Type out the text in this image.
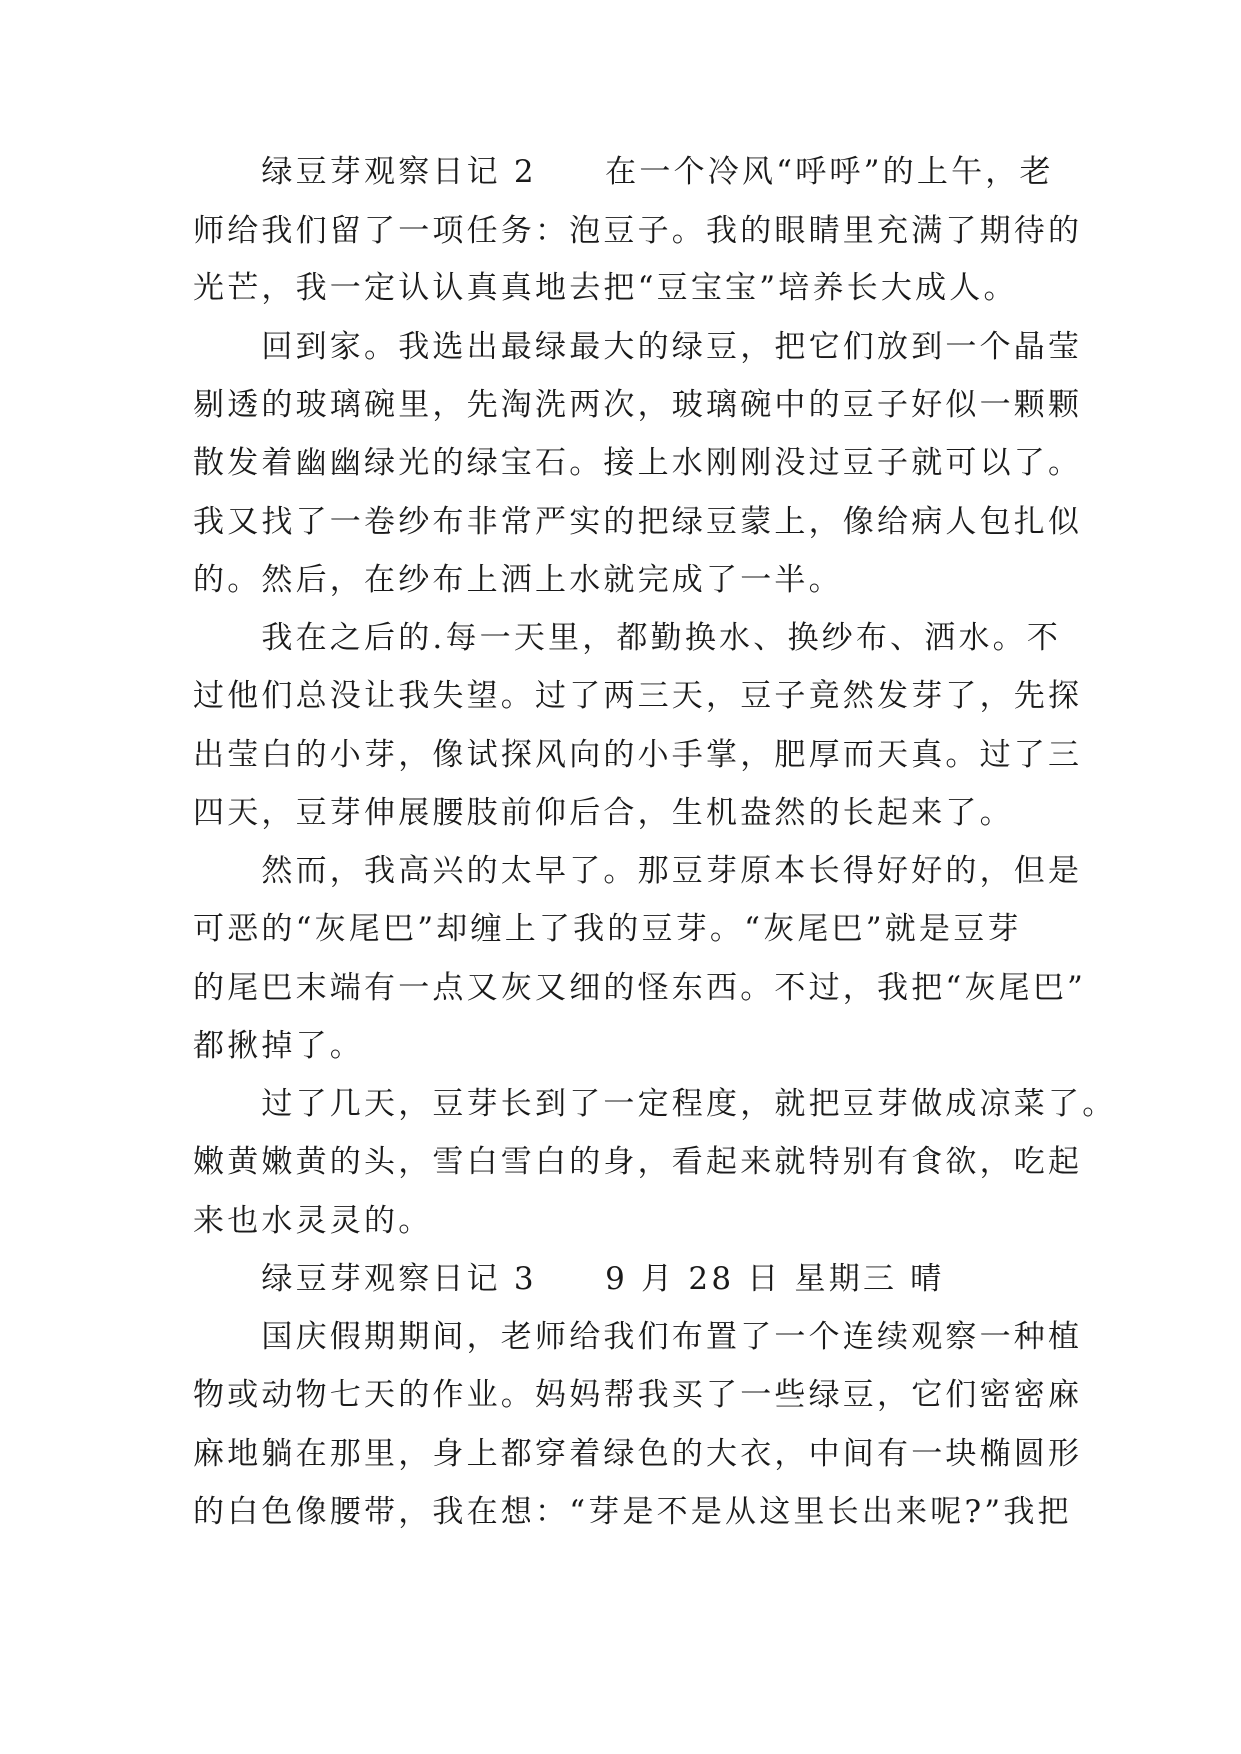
　　绿豆芽观察日记 2　　在一个冷风“呼呼”的上午，老
师给我们留了一项任务：泡豆子。我的眼睛里充满了期待的
光芒，我一定认认真真地去把“豆宝宝”培养长大成人。
　　回到家。我选出最绿最大的绿豆，把它们放到一个晶莹
剔透的玻璃碗里，先淘洗两次，玻璃碗中的豆子好似一颗颗
散发着幽幽绿光的绿宝石。接上水刚刚没过豆子就可以了。
我又找了一卷纱布非常严实的把绿豆蒙上，像给病人包扎似
的。然后，在纱布上洒上水就完成了一半。
　　我在之后的.每一天里，都勤换水、换纱布、洒水。不
过他们总没让我失望。过了两三天，豆子竟然发芽了，先探
出莹白的小芽，像试探风向的小手掌，肥厚而天真。过了三
四天，豆芽伸展腰肢前仰后合，生机盎然的长起来了。
　　然而，我高兴的太早了。那豆芽原本长得好好的，但是
可恶的“灰尾巴”却缠上了我的豆芽。“灰尾巴”就是豆芽
的尾巴末端有一点又灰又细的怪东西。不过，我把“灰尾巴”
都揪掉了。
　　过了几天，豆芽长到了一定程度，就把豆芽做成凉菜了。
嫩黄嫩黄的头，雪白雪白的身，看起来就特别有食欲，吃起
来也水灵灵的。
　　绿豆芽观察日记 3　　9 月 28 日 星期三 晴
　　国庆假期期间，老师给我们布置了一个连续观察一种植
物或动物七天的作业。妈妈帮我买了一些绿豆，它们密密麻
麻地躺在那里，身上都穿着绿色的大衣，中间有一块椭圆形
的白色像腰带，我在想：“芽是不是从这里长出来呢?”我把
